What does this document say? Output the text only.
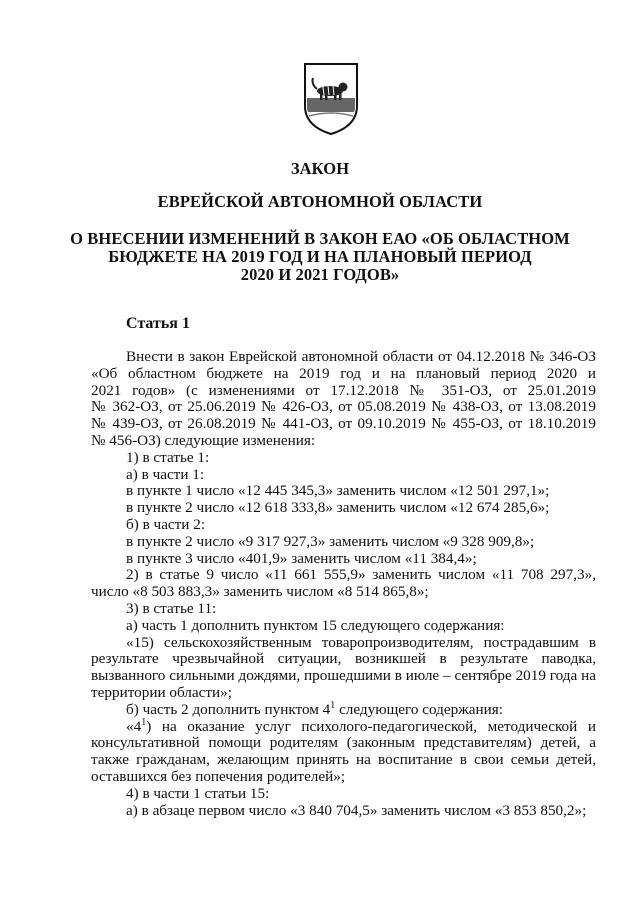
ЗАКОН
ЕВРЕЙСКОЙ АВТОНОМНОЙ ОБЛАСТИ
О ВНЕСЕНИИ ИЗМЕНЕНИЙ В ЗАКОН ЕАО «ОБ ОБЛАСТНОМ
БЮДЖЕТЕ НА 2019 ГОД И НА ПЛАНОВЫЙ ПЕРИОД
2020 И 2021 ГОДОВ»
Статья 1
Внести в закон Еврейской автономной области от 04.12.2018 № 346-ОЗ
«Об областном бюджете на 2019 год и на плановый период 2020 и
2021 годов» (с изменениями от 17.12.2018 № 351-ОЗ, от 25.01.2019
№ 362-ОЗ, от 25.06.2019 № 426-ОЗ, от 05.08.2019 № 438-ОЗ, от 13.08.2019
№ 439-ОЗ, от 26.08.2019 № 441-ОЗ, от 09.10.2019 № 455-ОЗ, от 18.10.2019
№ 456-ОЗ) следующие изменения:
1) в статье 1:
а) в части 1:
в пункте 1 число «12 445 345,3» заменить числом «12 501 297,1»;
в пункте 2 число «12 618 333,8» заменить числом «12 674 285,6»;
б) в части 2:
в пункте 2 число «9 317 927,3» заменить числом «9 328 909,8»;
в пункте 3 число «401,9» заменить числом «11 384,4»;
2) в статье 9 число «11 661 555,9» заменить числом «11 708 297,3»,
число «8 503 883,3» заменить числом «8 514 865,8»;
3) в статье 11:
а) часть 1 дополнить пунктом 15 следующего содержания:
«15) сельскохозяйственным товаропроизводителям, пострадавшим в
результате чрезвычайной ситуации, возникшей в результате паводка,
вызванного сильными дождями, прошедшими в июле – сентябре 2019 года на
территории области»;
б) часть 2 дополнить пунктом $4^1$ следующего содержания:
«$4^1$) на оказание услуг психолого-педагогической, методической и
консультативной помощи родителям (законным представителям) детей, а
также гражданам, желающим принять на воспитание в свои семьи детей,
оставшихся без попечения родителей»;
4) в части 1 статьи 15:
а) в абзаце первом число «3 840 704,5» заменить числом «3 853 850,2»;
